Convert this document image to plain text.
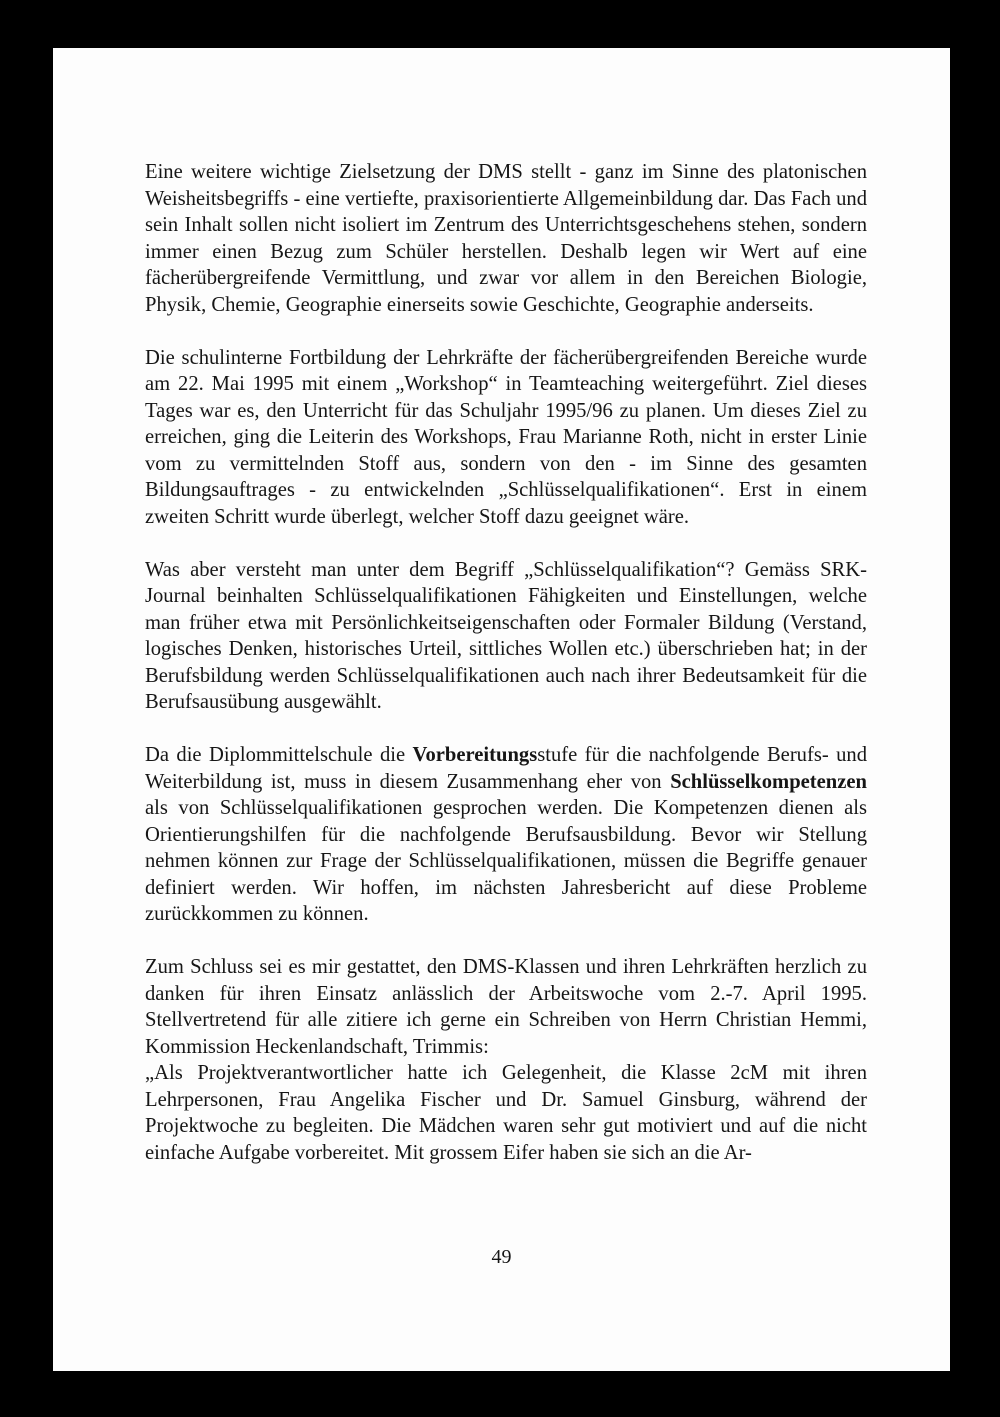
Eine weitere wichtige Zielsetzung der DMS stellt - ganz im Sinne des platonischen Weisheitsbegriffs - eine vertiefte, praxisorientierte Allgemeinbildung dar. Das Fach und sein Inhalt sollen nicht isoliert im Zentrum des Unterrichtsgeschehens stehen, sondern immer einen Bezug zum Schüler herstellen. Deshalb legen wir Wert auf eine fächerübergreifende Vermittlung, und zwar vor allem in den Bereichen Biologie, Physik, Chemie, Geographie einerseits sowie Geschichte, Geographie anderseits.

Die schulinterne Fortbildung der Lehrkräfte der fächerübergreifenden Bereiche wurde am 22. Mai 1995 mit einem „Workshop“ in Teamteaching weitergeführt. Ziel dieses Tages war es, den Unterricht für das Schuljahr 1995/96 zu planen. Um dieses Ziel zu erreichen, ging die Leiterin des Workshops, Frau Marianne Roth, nicht in erster Linie vom zu vermittelnden Stoff aus, sondern von den - im Sinne des gesamten Bildungsauftrages - zu entwickelnden „Schlüsselqualifikationen“. Erst in einem zweiten Schritt wurde überlegt, welcher Stoff dazu geeignet wäre.

Was aber versteht man unter dem Begriff „Schlüsselqualifikation“? Gemäss SRK-Journal beinhalten Schlüsselqualifikationen Fähigkeiten und Einstellungen, welche man früher etwa mit Persönlichkeitseigenschaften oder Formaler Bildung (Verstand, logisches Denken, historisches Urteil, sittliches Wollen etc.) überschrieben hat; in der Berufsbildung werden Schlüsselqualifikationen auch nach ihrer Bedeutsamkeit für die Berufsausübung ausgewählt.

Da die Diplommittelschule die Vorbereitungsstufe für die nachfolgende Berufs- und Weiterbildung ist, muss in diesem Zusammenhang eher von Schlüsselkompetenzen als von Schlüsselqualifikationen gesprochen werden. Die Kompetenzen dienen als Orientierungshilfen für die nachfolgende Berufsausbildung. Bevor wir Stellung nehmen können zur Frage der Schlüsselqualifikationen, müssen die Begriffe genauer definiert werden. Wir hoffen, im nächsten Jahresbericht auf diese Probleme zurückkommen zu können.

Zum Schluss sei es mir gestattet, den DMS-Klassen und ihren Lehrkräften herzlich zu danken für ihren Einsatz anlässlich der Arbeitswoche vom 2.-7. April 1995. Stellvertretend für alle zitiere ich gerne ein Schreiben von Herrn Christian Hemmi, Kommission Heckenlandschaft, Trimmis:
„Als Projektverantwortlicher hatte ich Gelegenheit, die Klasse 2cM mit ihren Lehrpersonen, Frau Angelika Fischer und Dr. Samuel Ginsburg, während der Projektwoche zu begleiten. Die Mädchen waren sehr gut motiviert und auf die nicht einfache Aufgabe vorbereitet. Mit grossem Eifer haben sie sich an die Ar-

49
